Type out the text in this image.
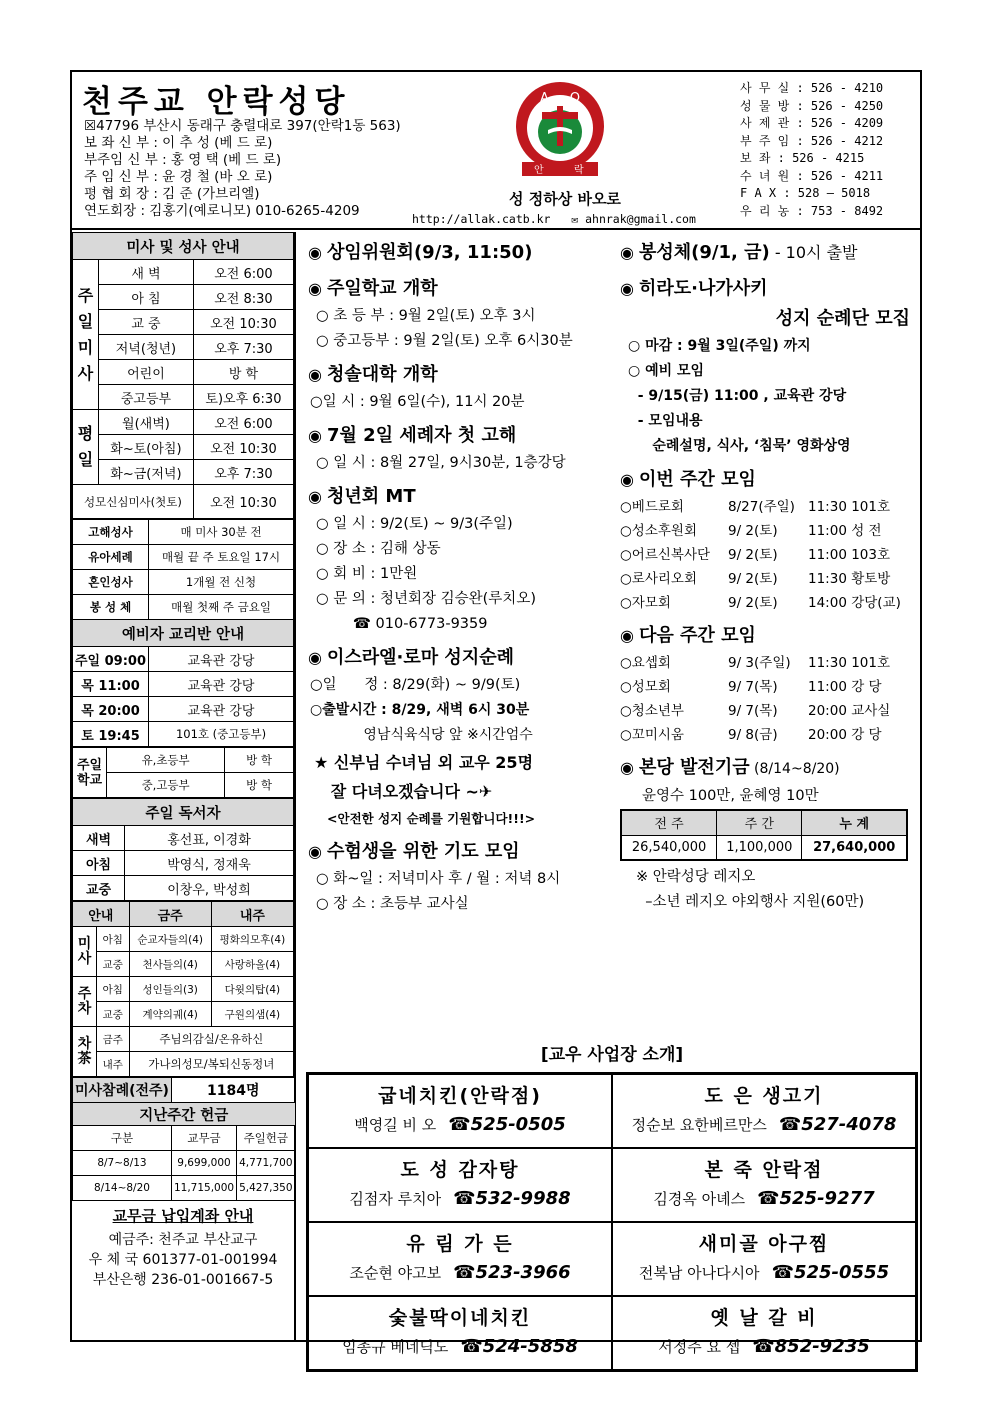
천주교 안락성당
☒47796 부산시 동래구 충렬대로 397(안락1동 563)
보 좌 신 부 : 이 추 성 (베 드 로)
부주임 신 부 : 홍 영 택 (베 드 로)
주 임 신 부 : 윤 경 철 (바 오 로)
평 협 회 장 : 김 준 (가브리엘)
연도회장 : 김홍기(예로니모) 010-6265-4209
A Ω
안	락
성 정하상 바오로
http://allak.catb.kr ✉ ahnrak@gmail.com
사 무 실 : 526 - 4210
성 물 방 : 526 - 4250
사 제 관 : 526 - 4209
부 주 임 : 526 - 4212
보 좌 : 526 - 4215
수 녀 원 : 526 - 4211
F A X : 528 – 5018
우 리 농 : 753 - 8492
미사 및 성사 안내		
주일미사	새 벽	오전 6:00
	아 침	오전 8:30
	교 중	오전 10:30
	저녁(청년)	오후 7:30
	어린이	방 학
	중고등부	토)오후 6:30
평일	월(새벽)	오전 6:00
	화~토(아침)	오전 10:30
	화~금(저녁)	오후 7:30
성모신심미사(첫토)		오전 10:30
고해성사	매 미사 30분 전
유아세례	매월 끝 주 토요일 17시
혼인성사	1개월 전 신청
봉 성 체	매월 첫째 주 금요일
예비자 교리반 안내	
주일 09:00	교육관 강당
목 11:00	교육관 강당
목 20:00	교육관 강당
토 19:45	101호 (중고등부)
주일학교	유,초등부	방 학
	중,고등부	방 학
주일 독서자	
새벽	홍선표, 이경화
아침	박영식, 정재욱
교중	이창우, 박성희
안내		금주	내주
미사	아침	순교자들의(4)	평화의모후(4)
	교중	천사들의(4)	사랑하올(4)
주차	아침	성인들의(3)	다윗의탑(4)
	교중	계약의궤(4)	구원의샘(4)
차茶	금주	주님의감실/온유하신	
	내주	가나의성모/복되신동정녀	
미사참례(전주)	1184명	
지난주간 헌금		
구분	교무금	주일헌금
8/7~8/13	9,699,000	4,771,700
8/14~8/20	11,715,000	5,427,350
교무금 납입계좌 안내
예금주: 천주교 부산교구
우 체 국 601377-01-001994
부산은행 236-01-001667-5
◉ 상임위원회(9/3, 11:50)
◉ 주일학교 개학
○ 초 등 부 : 9월 2일(토) 오후 3시
○ 중고등부 : 9월 2일(토) 오후 6시30분
◉ 청솔대학 개학
○일 시 : 9월 6일(수), 11시 20분
◉ 7월 2일 세례자 첫 고해
○ 일 시 : 8월 27일, 9시30분, 1층강당
◉ 청년회 MT
○ 일 시 : 9/2(토) ~ 9/3(주일)
○ 장 소 : 김해 상동
○ 회 비 : 1만원
○ 문 의 : 청년회장 김승완(루치오)
☎ 010-6773-9359
◉ 이스라엘·로마 성지순례
○일      정 : 8/29(화) ~ 9/9(토)
○출발시간 : 8/29, 새벽 6시 30분
영남식육식당 앞 ※시간엄수
★ 신부님 수녀님 외 교우 25명
잘 다녀오겠습니다 ~✈
<안전한 성지 순례를 기원합니다!!!>
◉ 수험생을 위한 기도 모임
○ 화~일 : 저녁미사 후 / 월 : 저녁 8시
○ 장 소 : 초등부 교사실
◉ 봉성체(9/1, 금) - 10시 출발
◉ 히라도·나가사키
성지 순례단 모집
○ 마감 : 9월 3일(주일) 까지
○ 예비 모임
- 9/15(금) 11:00 , 교육관 강당
- 모임내용
순례설명, 식사, ‘침묵’ 영화상영
◉ 이번 주간 모임
○베드로회	8/27(주일) 11:30 101호
○성소후원회	9/ 2(토)	11:00 성 전
○어르신복사단	9/ 2(토)	11:00 103호
○로사리오회	9/ 2(토)	11:30 황토방
○자모회	9/ 2(토)	14:00 강당(교)
◉ 다음 주간 모임
○요셉회	9/ 3(주일)	11:30 101호
○성모회	9/ 7(목)	11:00 강 당
○청소년부	9/ 7(목)	20:00 교사실
○꼬미시움	9/ 8(금)	20:00 강 당
◉ 본당 발전기금 (8/14~8/20)
윤영수 100만, 윤혜영 10만
전 주	주 간	누 계
26,540,000	1,100,000	27,640,000
※ 안락성당 레지오
–소년 레지오 야외행사 지원(60만)
[교우 사업장 소개]
굽네치킨(안락점)
백영길 비 오 ☎525-0505
도 은 생고기
정순보 요한베르만스 ☎527-4078
도 성 감자탕
김점자 루치아 ☎532-9988
본 죽 안락점
김경옥 아녜스 ☎525-9277
유 림 가 든
조순현 야고보 ☎523-3966
새미골 아구찜
전복남 아나다시아 ☎525-0555
숯불딱이네치킨
임종규 베네딕도 ☎524-5858
옛 날 갈 비
서정주 요 셉 ☎852-9235
